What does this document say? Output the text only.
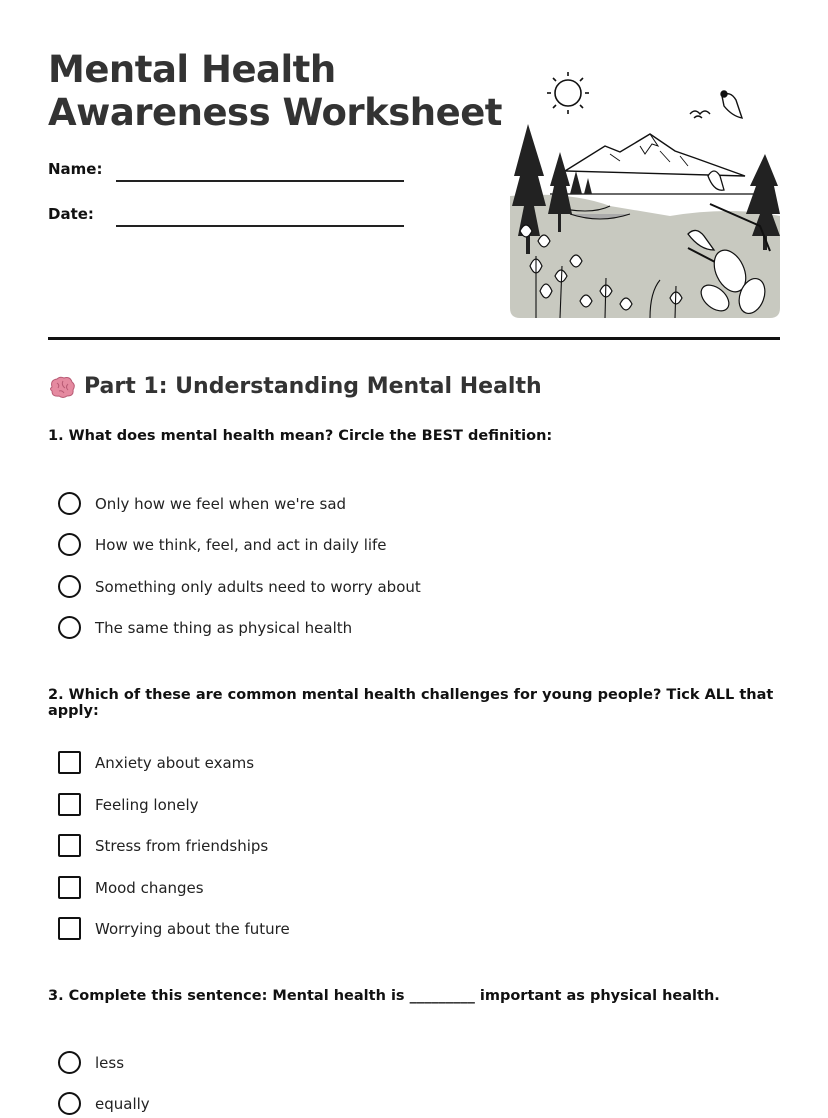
Mental Health
Awareness Worksheet
Name:
Date:
Part 1: Understanding Mental Health

1. What does mental health mean? Circle the BEST definition:

Only how we feel when we're sad
How we think, feel, and act in daily life
Something only adults need to worry about
The same thing as physical health

2. Which of these are common mental health challenges for young people? Tick ALL that apply:

Anxiety about exams
Feeling lonely
Stress from friendships
Mood changes
Worrying about the future

3. Complete this sentence: Mental health is _________ important as physical health.

less
equally
